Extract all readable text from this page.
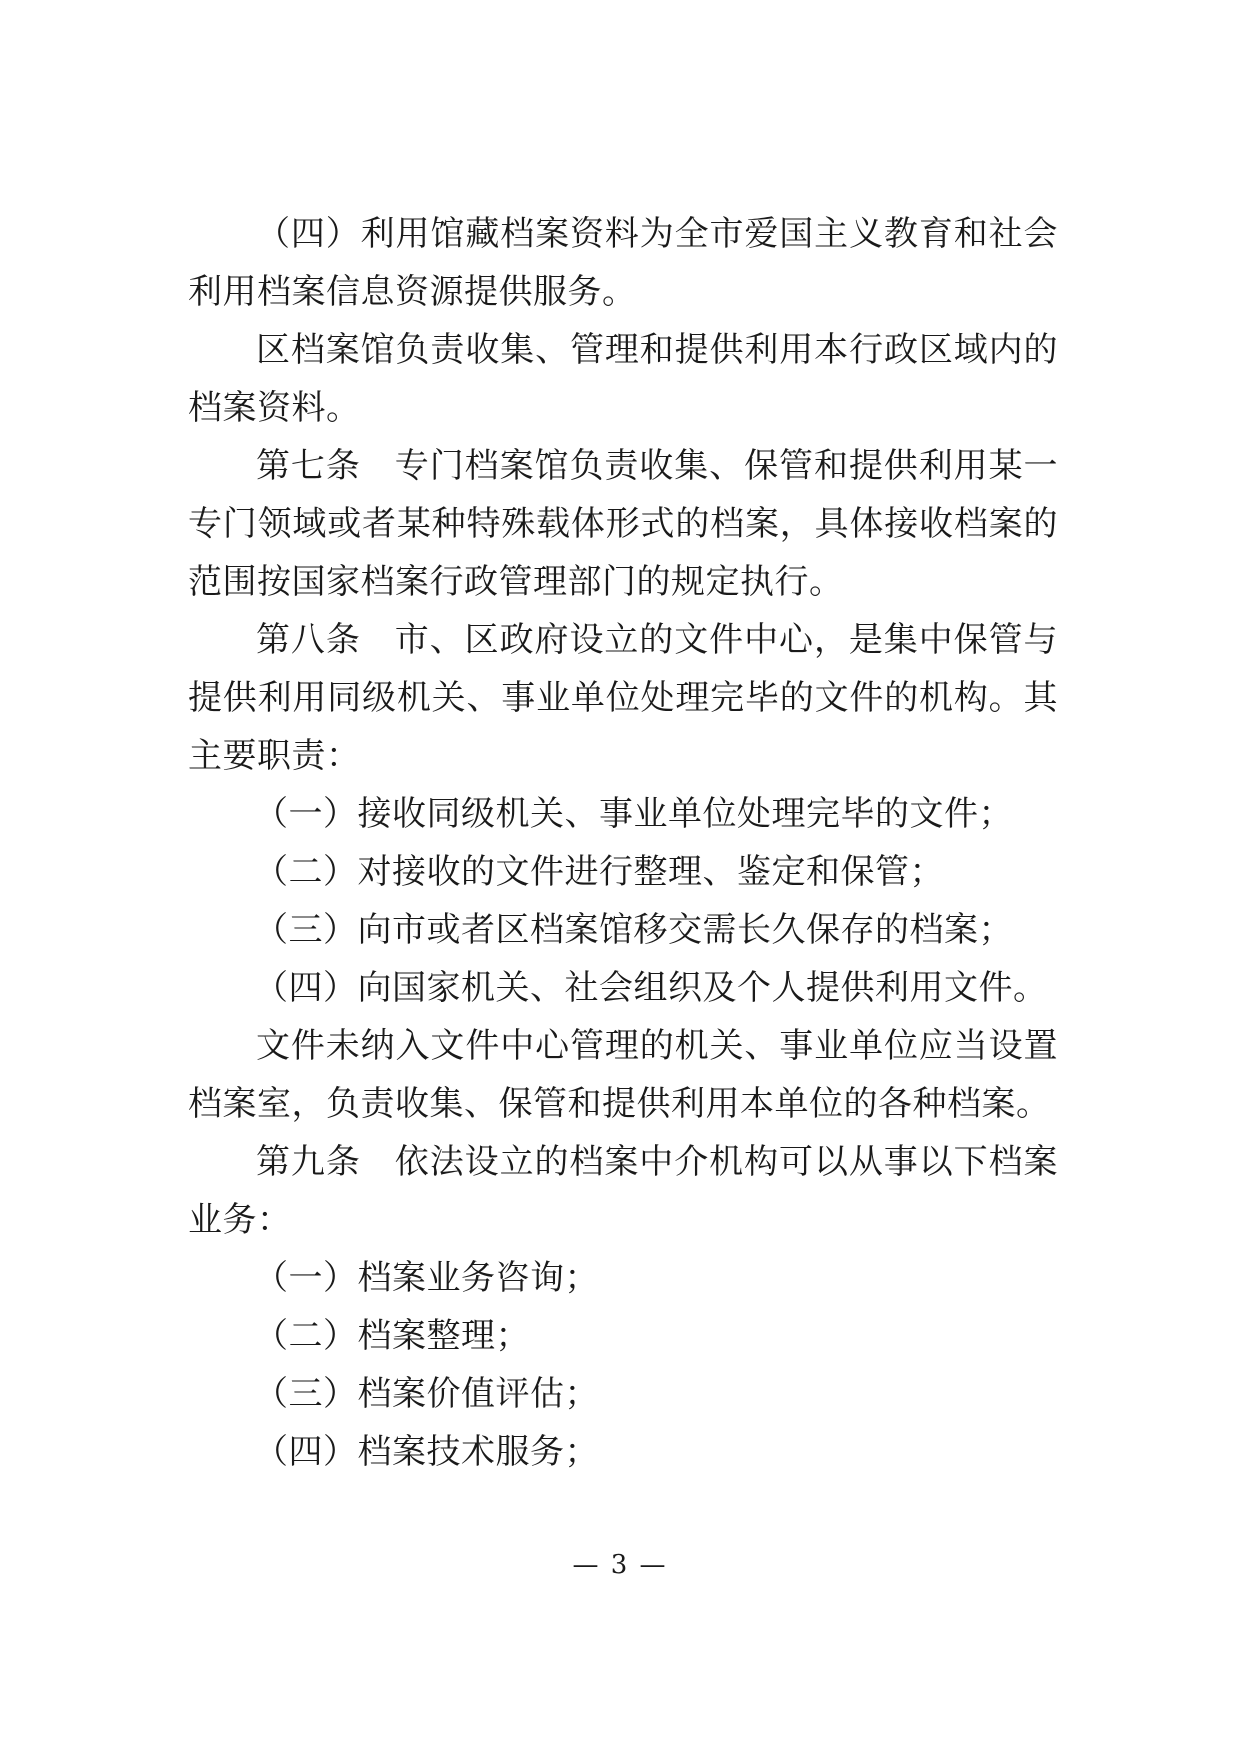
（四）利用馆藏档案资料为全市爱国主义教育和社会利用档案信息资源提供服务。

区档案馆负责收集、管理和提供利用本行政区域内的档案资料。

第七条 专门档案馆负责收集、保管和提供利用某一专门领域或者某种特殊载体形式的档案，具体接收档案的范围按国家档案行政管理部门的规定执行。

第八条 市、区政府设立的文件中心，是集中保管与提供利用同级机关、事业单位处理完毕的文件的机构。其主要职责：

（一）接收同级机关、事业单位处理完毕的文件；

（二）对接收的文件进行整理、鉴定和保管；

（三）向市或者区档案馆移交需长久保存的档案；

（四）向国家机关、社会组织及个人提供利用文件。

文件未纳入文件中心管理的机关、事业单位应当设置档案室，负责收集、保管和提供利用本单位的各种档案。

第九条 依法设立的档案中介机构可以从事以下档案业务：

（一）档案业务咨询；

（二）档案整理；

（三）档案价值评估；

（四）档案技术服务；

— 3 —
